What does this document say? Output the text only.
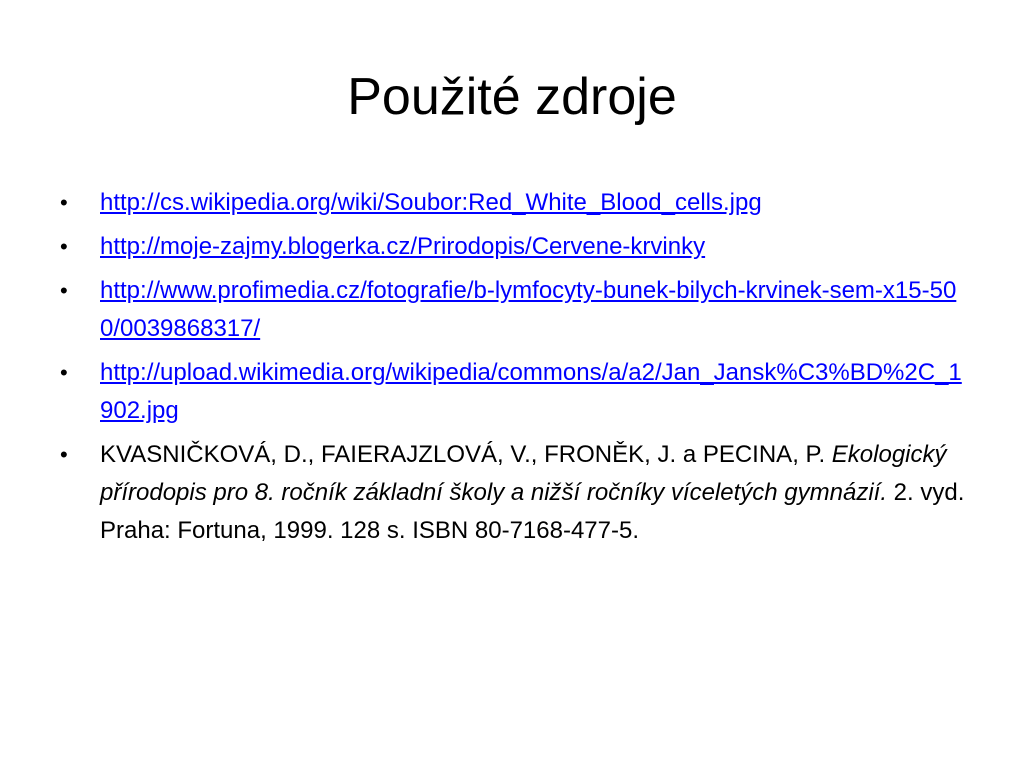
Použité zdroje
• http://cs.wikipedia.org/wiki/Soubor:Red_White_Blood_cells.jpg
• http://moje-zajmy.blogerka.cz/Prirodopis/Cervene-krvinky
• http://www.profimedia.cz/fotografie/b-lymfocyty-bunek-bilych-krvinek-sem-x15-500/0039868317/
• http://upload.wikimedia.org/wikipedia/commons/a/a2/Jan_Jansk%C3%BD%2C_1902.jpg
• KVASNIČKOVÁ, D., FAIERAJZLOVÁ, V., FRONĚK, J. a PECINA, P. Ekologický přírodopis pro 8. ročník základní školy a nižší ročníky víceletých gymnázií. 2. vyd. Praha: Fortuna, 1999. 128 s. ISBN 80-7168-477-5.
